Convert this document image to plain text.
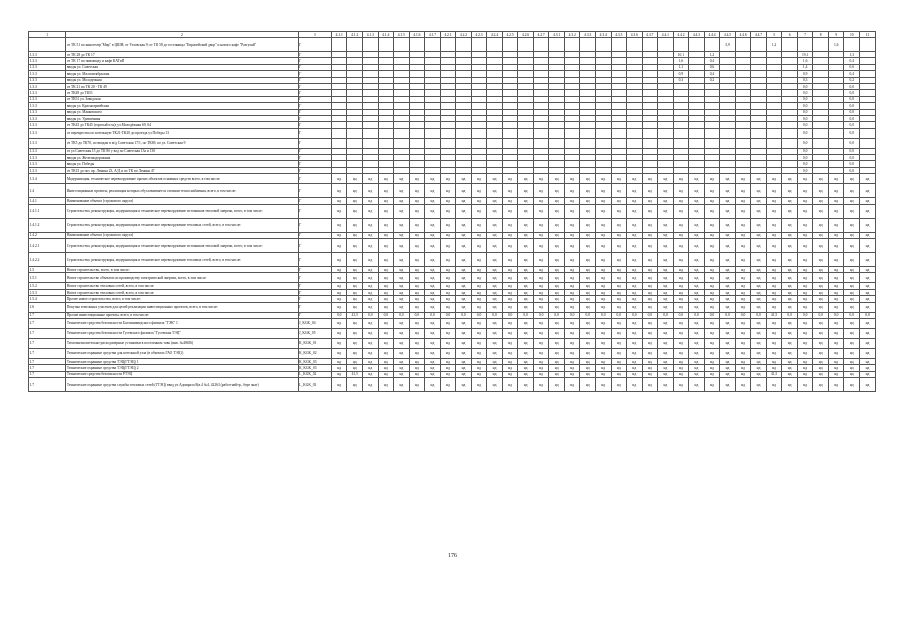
1	2	3	4.1.1	4.1.2	4.1.3	4.1.4	4.1.5	4.1.6	4.1.7	4.2.1	4.2.2	4.2.3	4.2.4	4.2.5	4.2.6	4.2.7	4.3.1	4.3.2	4.3.3	4.3.4	4.3.5	4.3.6	4.3.7	4.4.1	4.4.2	4.4.3	4.4.4	4.4.5	4.4.6	4.4.7	5	6	7	8	9	10	11
	от ТК 51 по кинотеатр"Мир" в ЦШН; от Узловская 9; от ТК 58 до гостиницы "Европейский двор" и нового кафе "Разгуляй"	Г																										3,9			1,2				1,6		
1.3.3	от ТК 28 до ТК 17	Г																							10,1		1,2						19,1			1,3	
1.3.3	от ТК 17 по пивзаводу и кафе КАТиП	Г																							1,6		0,4						1,6			0,4	
1.3.3	вводы ул. Советская	Г																							1,1		0,6						1,4			0,6	
1.3.3	вводы ул. Малооктябрьская	Г																							0,9		0,4						0,9			0,4	
1.3.3	вводы ул. Молодежная	Г																							0,3		0,2						0,3			0,2	
1.3.3	от ТК 21 по ТК 20 - ТК 49	Г																															0,0			0,0	
1.3.3	от ТК49 до ТК51	Г																															0,0			0,0	
1.3.3	от ТК51 ул. Заводская	Г																															0,0			0,0	
1.3.3	вводы ул. Красноармейская	Г																															0,0			0,0	
1.3.3	вводы ул. Маяковского	Г																															0,0			0,0	
1.3.3	вводы ул. Удивленная	Г																															0,0			0,0	
1.3.3	от ТК43 до ТК45 (торгоый и м/д ул.Молодёжная 69, 64	Г																															0,0			0,0	
1.3.3	от перекрестка по котельную ТК21-ТК20 до проезда ул Победы 13	Г																															0,0			0,0	
1.3.3	от ТК5 до ТК70, по вводам в ж/д Советская 17/1, по ТК69, по ул. Советская 9	Г																															0,0			0,0	
1.3.3	от ул.Советская 15 до ТК 8б у вод по Советская 13а и 13б	Г																															0,0			0,0	
1.3.3	вводы ул. Железнодорожная	Г																															0,0			0,0	
1.3.3	вводы ул. Победы	Г																															0,0			0,0	
1.3.3	от ТК15 до пос пр. Ленина 23, А/Д и по ТК по Ленина 47	Г																															0,0			0,0	
1.3.4	Модернизация, техническое перевооружение прочих объектов основных средств всего, в том числе:	Г	нд	нд	нд	нд	нд	нд	нд	нд	нд	нд	нд	нд	нд	нд	нд	нд	нд	нд	нд	нд	нд	нд	нд	нд	нд	нд	нд	нд	нд	нд	нд	нд	нд	нд	нд
1.4	Инвестиционные проекты, реализация которых обуславливается схемами теплоснабжения, всего, в том числе:	Г	нд	нд	нд	нд	нд	нд	нд	нд	нд	нд	нд	нд	нд	нд	нд	нд	нд	нд	нд	нд	нд	нд	нд	нд	нд	нд	нд	нд	нд	нд	нд	нд	нд	нд	нд
1.4.1	Наименование объекта (строкового округа)	Г	нд	нд	нд	нд	нд	нд	нд	нд	нд	нд	нд	нд	нд	нд	нд	нд	нд	нд	нд	нд	нд	нд	нд	нд	нд	нд	нд	нд	нд	нд	нд	нд	нд	нд	нд
1.4.1.1	Строительство, реконструкция, модернизация и техническое перевооружение источников тепловой энергии, всего, в том числе:	Г	нд	нд	нд	нд	нд	нд	нд	нд	нд	нд	нд	нд	нд	нд	нд	нд	нд	нд	нд	нд	нд	нд	нд	нд	нд	нд	нд	нд	нд	нд	нд	нд	нд	нд	нд
1.4.1.2	Строительство, реконструкция, модернизация и техническое перевооружение тепловых сетей, всего, в том числе:	Г	нд	нд	нд	нд	нд	нд	нд	нд	нд	нд	нд	нд	нд	нд	нд	нд	нд	нд	нд	нд	нд	нд	нд	нд	нд	нд	нд	нд	нд	нд	нд	нд	нд	нд	нд
1.4.2	Наименование объекта (строкового округа)	Г	нд	нд	нд	нд	нд	нд	нд	нд	нд	нд	нд	нд	нд	нд	нд	нд	нд	нд	нд	нд	нд	нд	нд	нд	нд	нд	нд	нд	нд	нд	нд	нд	нд	нд	нд
1.4.2.1	Строительство, реконструкция, модернизация и техническое перевооружение источников тепловой энергии, всего, в том числе:	Г	нд	нд	нд	нд	нд	нд	нд	нд	нд	нд	нд	нд	нд	нд	нд	нд	нд	нд	нд	нд	нд	нд	нд	нд	нд	нд	нд	нд	нд	нд	нд	нд	нд	нд	нд
1.4.2.2	Строительство, реконструкция, модернизация и техническое перевооружение тепловых сетей, всего, в том числе:	Г	нд	нд	нд	нд	нд	нд	нд	нд	нд	нд	нд	нд	нд	нд	нд	нд	нд	нд	нд	нд	нд	нд	нд	нд	нд	нд	нд	нд	нд	нд	нд	нд	нд	нд	нд
1.5	Новое строительство, всего, в том числе:	Г	нд	нд	нд	нд	нд	нд	нд	нд	нд	нд	нд	нд	нд	нд	нд	нд	нд	нд	нд	нд	нд	нд	нд	нд	нд	нд	нд	нд	нд	нд	нд	нд	нд	нд	нд
1.5.1	Новое строительство объектов по производству электрической энергии, всего, в том числе:	Г	нд	нд	нд	нд	нд	нд	нд	нд	нд	нд	нд	нд	нд	нд	нд	нд	нд	нд	нд	нд	нд	нд	нд	нд	нд	нд	нд	нд	нд	нд	нд	нд	нд	нд	нд
1.5.2	Новое строительство тепловых сетей, всего, в том числе:	Г	нд	нд	нд	нд	нд	нд	нд	нд	нд	нд	нд	нд	нд	нд	нд	нд	нд	нд	нд	нд	нд	нд	нд	нд	нд	нд	нд	нд	нд	нд	нд	нд	нд	нд	нд
1.5.3	Новое строительство тепловых сетей, всего, в том числе:	Г	нд	нд	нд	нд	нд	нд	нд	нд	нд	нд	нд	нд	нд	нд	нд	нд	нд	нд	нд	нд	нд	нд	нд	нд	нд	нд	нд	нд	нд	нд	нд	нд	нд	нд	нд
1.5.4	Прочее новое строительство, всего, в том числе:	Г	нд	нд	нд	нд	нд	нд	нд	нд	нд	нд	нд	нд	нд	нд	нд	нд	нд	нд	нд	нд	нд	нд	нд	нд	нд	нд	нд	нд	нд	нд	нд	нд	нд	нд	нд
1.6	Покупка земельных участков для целей реализации инвестиционных проектов, всего, в том числе:	Г	нд	нд	нд	нд	нд	нд	нд	нд	нд	нд	нд	нд	нд	нд	нд	нд	нд	нд	нд	нд	нд	нд	нд	нд	нд	нд	нд	нд	нд	нд	нд	нд	нд	нд	нд
1.7	Прочие инвестиционные проекты, всего, в том числе:	Г	0,0	41,5	0,0	0,0	0,0	0,0	0,0	0,0	0,0	0,0	0,0	0,0	0,0	0,0	0,0	0,0	0,0	0,0	0,0	0,0	0,0	0,0	0,0	0,0	0,0	0,0	0,0	0,0	41,5	0,0	0,0	0,0	0,0	0,0	0,0
1.7	Технические средства безопасности Балтиниаведского филиала "ГЭК" 1	J_KGK_04	нд	нд	нд	нд	нд	нд	нд	нд	нд	нд	нд	нд	нд	нд	нд	нд	нд	нд	нд	нд	нд	нд	нд	нд	нд	нд	нд	нд	нд	нд	нд	нд	нд	нд	нд
1.7	Технические средства безопасности Гусевского филиала "Гусевская ТЭЦ"	J_KGK_05	нд	нд	нд	нд	нд	нд	нд	нд	нд	нд	нд	нд	нд	нд	нд	нд	нд	нд	нд	нд	нд	нд	нд	нд	нд	нд	нд	нд	нд	нд	нд	нд	нд	нд	нд
1.7	Тепловычислительно-расходомерные установки в поселенном товк (инв. №40656)	К_KGK_01	нд	нд	нд	нд	нд	нд	нд	нд	нд	нд	нд	нд	нд	нд	нд	нд	нд	нд	нд	нд	нд	нд	нд	нд	нд	нд	нд	нд	нд	нд	нд	нд	нд	нд	нд
1.7	Технические охранные средства для котельной узла (в объектах ГАО ТЭЦ1)	К_KGK_02	нд	нд	нд	нд	нд	нд	нд	нд	нд	нд	нд	нд	нд	нд	нд	нд	нд	нд	нд	нд	нд	нд	нд	нд	нд	нд	нд	нд	нд	нд	нд	нд	нд	нд	нд
1.7	Технические охранные средства ТЭЦ(ГТЭЦ) 1	К_KGK_03	нд	нд	нд	нд	нд	нд	нд	нд	нд	нд	нд	нд	нд	нд	нд	нд	нд	нд	нд	нд	нд	нд	нд	нд	нд	нд	нд	нд	нд	нд	нд	нд	нд	нд	нд
1.7	Технические охранные средства ТЭЦ(ГТЭЦ) 2	К_KGK_03	нд	нд	нд	нд	нд	нд	нд	нд	нд	нд	нд	нд	нд	нд	нд	нд	нд	нд	нд	нд	нд	нд	нд	нд	нд	нд	нд	нд	нд	нд	нд	нд	нд	нд	нд
1.7	Технические средства безопасности РТЭЦ	L_KGK_02	нд	41,5	нд	нд	нд	нд	нд	нд	нд	нд	нд	нд	нд	нд	нд	нд	нд	нд	нд	нд	нд	нд	нд	нд	нд	нд	нд	нд	41,5	нд	нд	нд	нд	нд	нд
1.7	Технические охранные средства службы тепловых сетей (ГТЭЦ) ввод ул.Адмирала 8(в.4 №4, 42263 (рабоч-нейтр., бере знат)	L_KGK_03	нд	нд	нд	нд	нд	нд	нд	нд	нд	нд	нд	нд	нд	нд	нд	нд	нд	нд	нд	нд	нд	нд	нд	нд	нд	нд	нд	нд	нд	нд	нд	нд	нд	нд	нд
176
